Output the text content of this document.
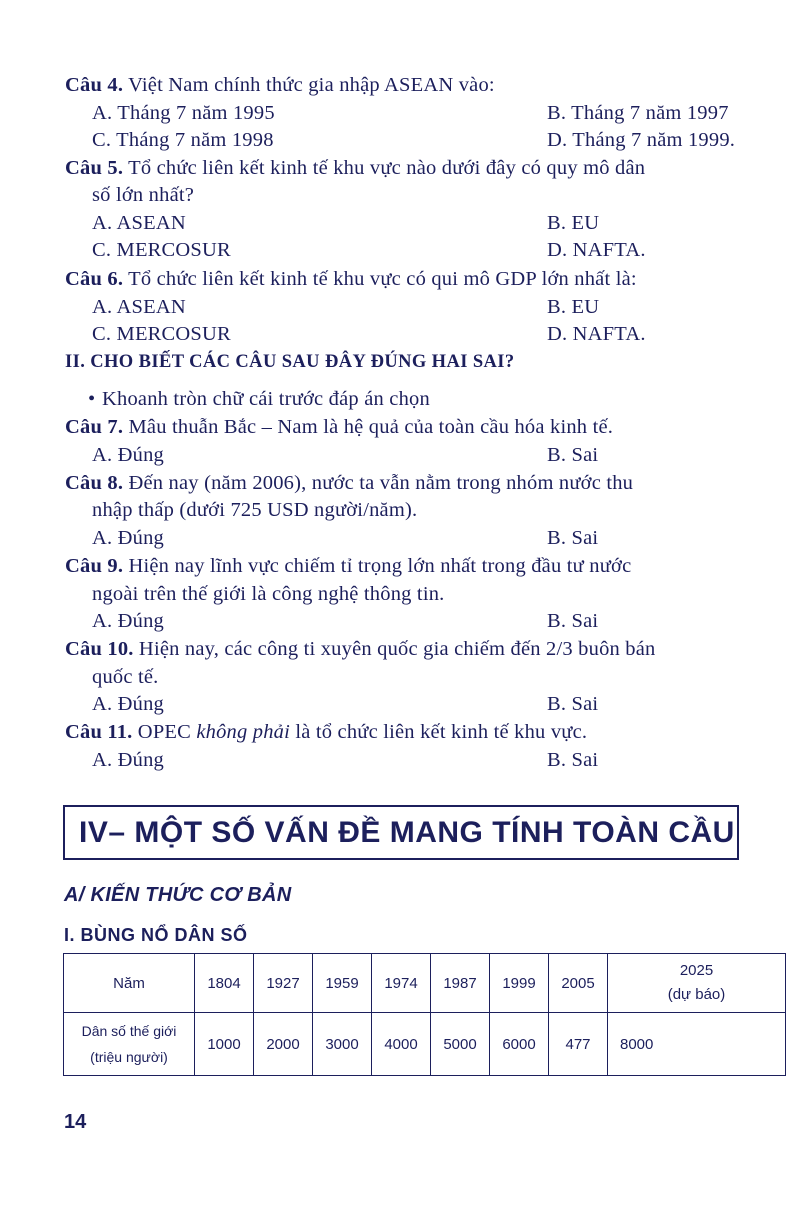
Câu 4. Việt Nam chính thức gia nhập ASEAN vào:
A. Tháng 7 năm 1995	B. Tháng 7 năm 1997
C. Tháng 7 năm 1998	D. Tháng 7 năm 1999.
Câu 5. Tổ chức liên kết kinh tế khu vực nào dưới đây có quy mô dân
số lớn nhất?
A. ASEAN	B. EU
C. MERCOSUR	D. NAFTA.
Câu 6. Tổ chức liên kết kinh tế khu vực có qui mô GDP lớn nhất là:
A. ASEAN	B. EU
C. MERCOSUR	D. NAFTA.
II. CHO BIẾT CÁC CÂU SAU ĐÂY ĐÚNG HAI SAI?
• Khoanh tròn chữ cái trước đáp án chọn
Câu 7. Mâu thuẫn Bắc – Nam là hệ quả của toàn cầu hóa kinh tế.
A. Đúng	B. Sai
Câu 8. Đến nay (năm 2006), nước ta vẫn nằm trong nhóm nước thu
nhập thấp (dưới 725 USD người/năm).
A. Đúng	B. Sai
Câu 9. Hiện nay lĩnh vực chiếm tỉ trọng lớn nhất trong đầu tư nước
ngoài trên thế giới là công nghệ thông tin.
A. Đúng	B. Sai
Câu 10. Hiện nay, các công ti xuyên quốc gia chiếm đến 2/3 buôn bán
quốc tế.
A. Đúng	B. Sai
Câu 11. OPEC không phải là tổ chức liên kết kinh tế khu vực.
A. Đúng	B. Sai
IV– MỘT SỐ VẤN ĐỀ MANG TÍNH TOÀN CẦU
A/ KIẾN THỨC CƠ BẢN
I. BÙNG NỔ DÂN SỐ
Năm	1804	1927	1959	1974	1987	1999	2005	2025
(dự báo)

Dân số thế giới
(triệu người)	1000	2000	3000	4000	5000	6000	477	8000
14
